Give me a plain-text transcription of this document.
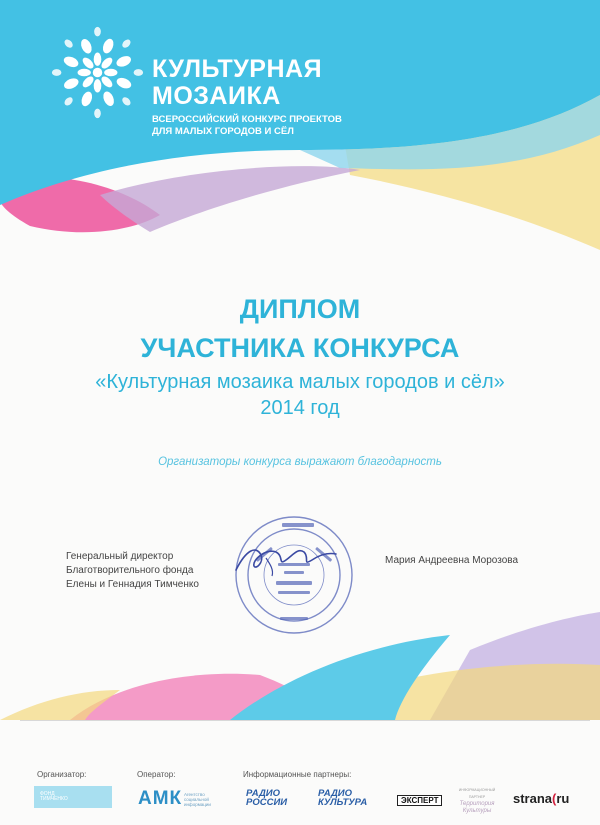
КУЛЬТУРНАЯ
МОЗАИКА
ВСЕРОССИЙСКИЙ КОНКУРС ПРОЕКТОВ
ДЛЯ МАЛЫХ ГОРОДОВ И СЁЛ
ДИПЛОМ
УЧАСТНИКА КОНКУРСА
«Культурная мозаика малых городов и сёл»
2014 год
Организаторы конкурса выражают благодарность
Генеральный директор
Благотворительного фонда
Елены и Геннадия Тимченко
Мария Андреевна Морозова
Организатор:	Оператор:	Информационные партнеры:
ФОНД ТИМЧЕНКО	АМК Агентство социальной информации
РАДИО
РОССИИ
РАДИО
КУЛЬТУРА	ЭКСПЕРТ
ИНФОРМАЦИОННЫЙ ПАРТНЕР
Территория Культуры
strana(ru
